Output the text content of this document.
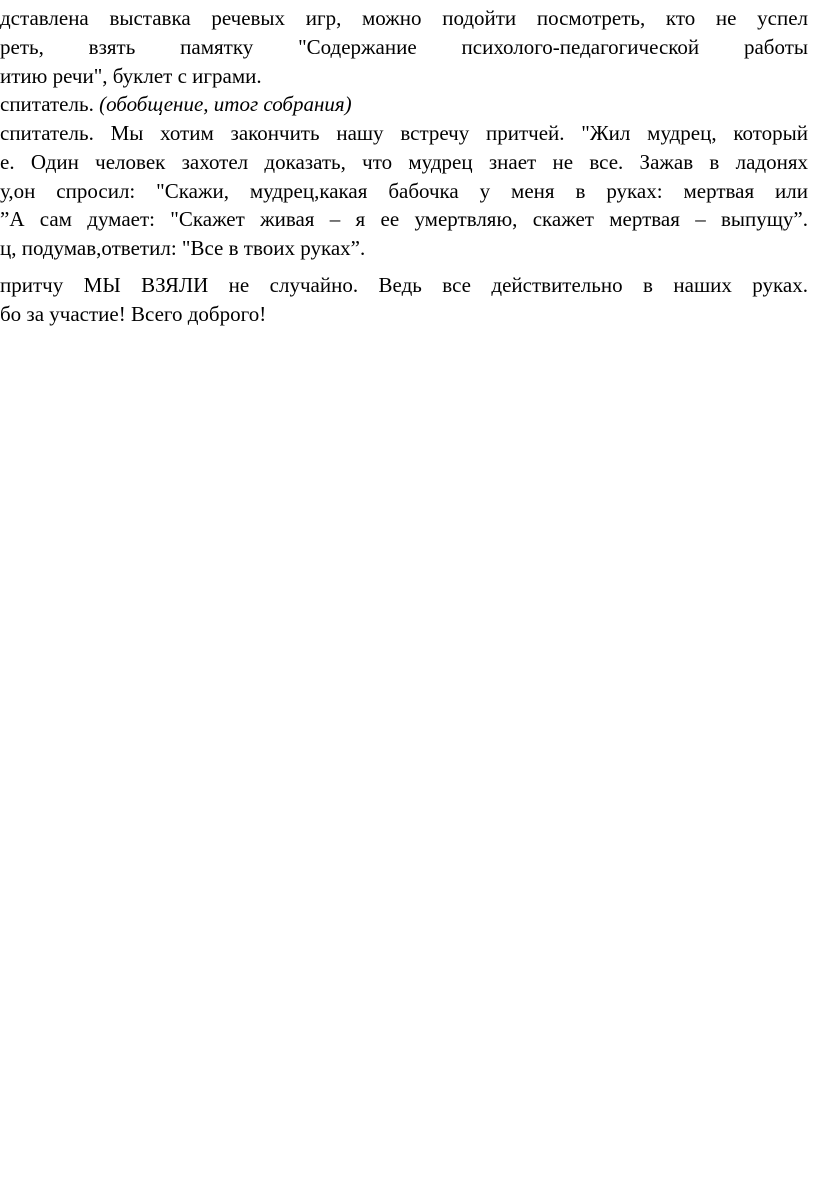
дставлена выставка речевых игр, можно подойти посмотреть, кто не успел
реть, взять памятку "Содержание психолого-педагогической работы
итию речи", буклет с играми.
спитатель. (обобщение, итог собрания)
спитатель. Мы хотим закончить нашу встречу притчей. "Жил мудрец, который
е. Один человек захотел доказать, что мудрец знает не все. Зажав в ладонях
у,он спросил: "Скажи, мудрец,какая бабочка у меня в руках: мертвая или
”А сам думает: "Скажет живая – я ее умертвляю, скажет мертвая – выпущу”.
ц, подумав,ответил: "Все в твоих руках”.
притчу МЫ ВЗЯЛИ не случайно. Ведь все действительно в наших руках.
бо за участие! Всего доброго!
